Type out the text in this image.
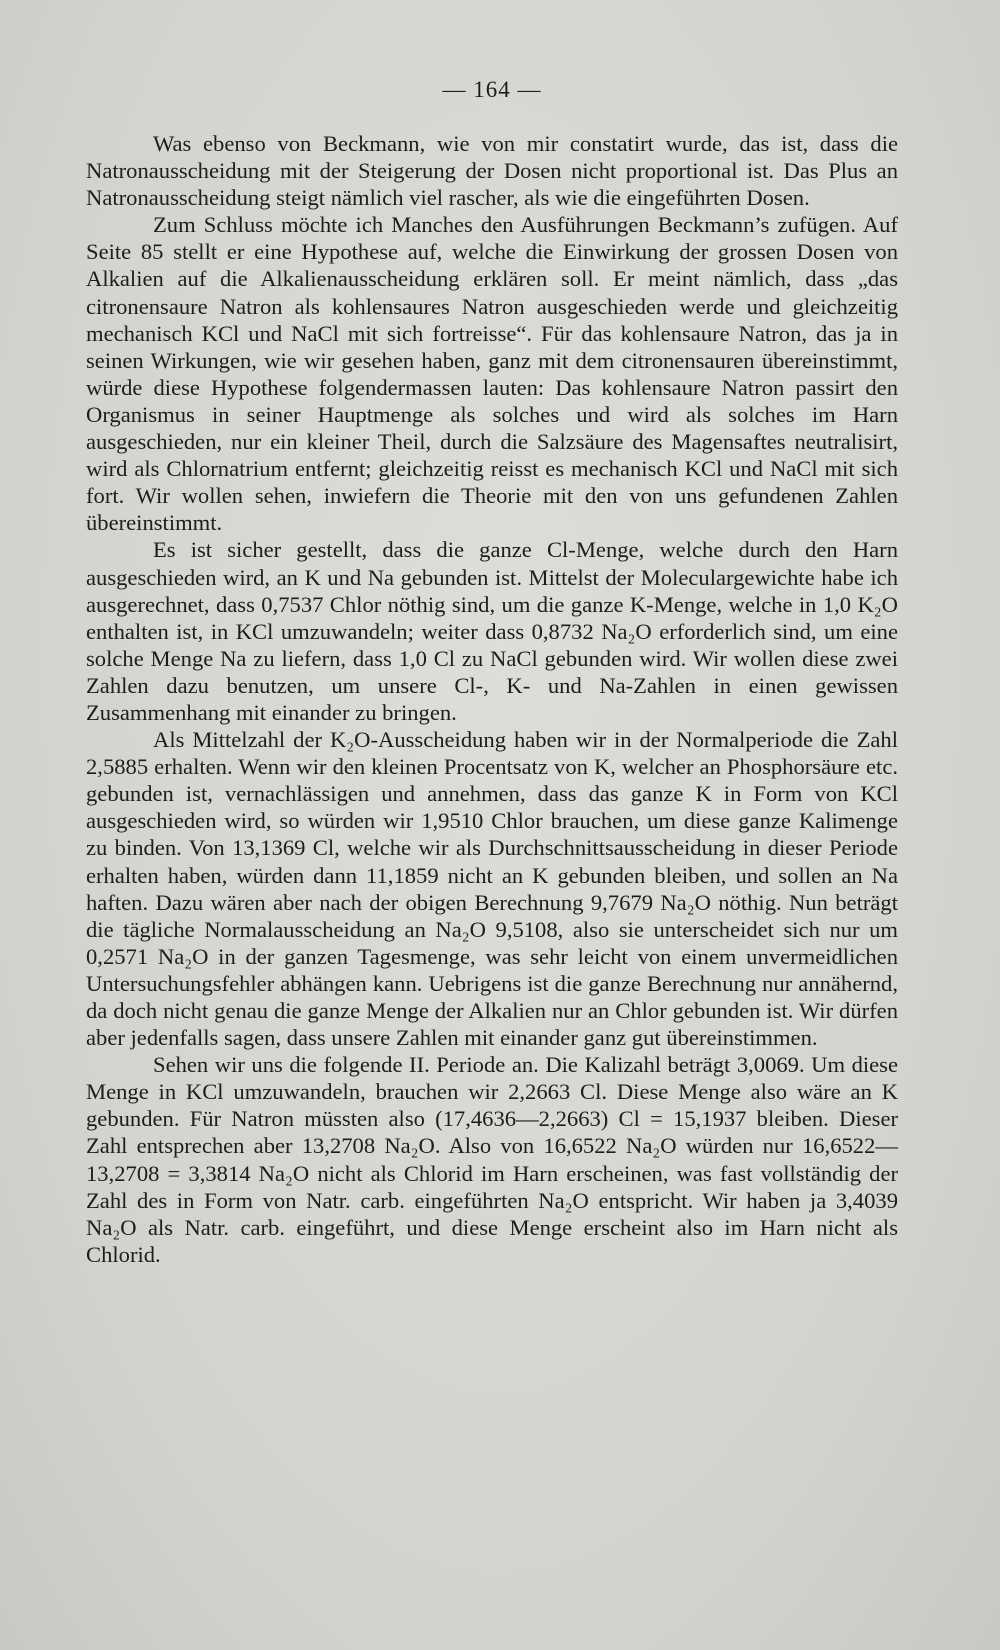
— 164 —

Was ebenso von Beckmann, wie von mir constatirt wurde, das ist, dass die Natronausscheidung mit der Steigerung der Dosen nicht proportional ist. Das Plus an Natronausscheidung steigt nämlich viel rascher, als wie die eingeführten Dosen.

Zum Schluss möchte ich Manches den Ausführungen Beckmann’s zufügen. Auf Seite 85 stellt er eine Hypothese auf, welche die Einwirkung der grossen Dosen von Alkalien auf die Alkalienausscheidung erklären soll. Er meint nämlich, dass „das citronensaure Natron als kohlensaures Natron ausgeschieden werde und gleichzeitig mechanisch KCl und NaCl mit sich fortreisse“. Für das kohlensaure Natron, das ja in seinen Wirkungen, wie wir gesehen haben, ganz mit dem citronensauren übereinstimmt, würde diese Hypothese folgendermassen lauten: Das kohlensaure Natron passirt den Organismus in seiner Hauptmenge als solches und wird als solches im Harn ausgeschieden, nur ein kleiner Theil, durch die Salzsäure des Magensaftes neutralisirt, wird als Chlornatrium entfernt; gleichzeitig reisst es mechanisch KCl und NaCl mit sich fort. Wir wollen sehen, inwiefern die Theorie mit den von uns gefundenen Zahlen übereinstimmt.

Es ist sicher gestellt, dass die ganze Cl-Menge, welche durch den Harn ausgeschieden wird, an K und Na gebunden ist. Mittelst der Moleculargewichte habe ich ausgerechnet, dass 0,7537 Chlor nöthig sind, um die ganze K-Menge, welche in 1,0 K₂O enthalten ist, in KCl umzuwandeln; weiter dass 0,8732 Na₂O erforderlich sind, um eine solche Menge Na zu liefern, dass 1,0 Cl zu NaCl gebunden wird. Wir wollen diese zwei Zahlen dazu benutzen, um unsere Cl-, K- und Na-Zahlen in einen gewissen Zusammenhang mit einander zu bringen.

Als Mittelzahl der K₂O-Ausscheidung haben wir in der Normalperiode die Zahl 2,5885 erhalten. Wenn wir den kleinen Procentsatz von K, welcher an Phosphorsäure etc. gebunden ist, vernachlässigen und annehmen, dass das ganze K in Form von KCl ausgeschieden wird, so würden wir 1,9510 Chlor brauchen, um diese ganze Kalimenge zu binden. Von 13,1369 Cl, welche wir als Durchschnittsausscheidung in dieser Periode erhalten haben, würden dann 11,1859 nicht an K gebunden bleiben, und sollen an Na haften. Dazu wären aber nach der obigen Berechnung 9,7679 Na₂O nöthig. Nun beträgt die tägliche Normalausscheidung an Na₂O 9,5108, also sie unterscheidet sich nur um 0,2571 Na₂O in der ganzen Tagesmenge, was sehr leicht von einem unvermeidlichen Untersuchungsfehler abhängen kann. Uebrigens ist die ganze Berechnung nur annähernd, da doch nicht genau die ganze Menge der Alkalien nur an Chlor gebunden ist. Wir dürfen aber jedenfalls sagen, dass unsere Zahlen mit einander ganz gut übereinstimmen.

Sehen wir uns die folgende II. Periode an. Die Kalizahl beträgt 3,0069. Um diese Menge in KCl umzuwandeln, brauchen wir 2,2663 Cl. Diese Menge also wäre an K gebunden. Für Natron müssten also (17,4636—2,2663) Cl = 15,1937 bleiben. Dieser Zahl entsprechen aber 13,2708 Na₂O. Also von 16,6522 Na₂O würden nur 16,6522—13,2708 = 3,3814 Na₂O nicht als Chlorid im Harn erscheinen, was fast vollständig der Zahl des in Form von Natr. carb. eingeführten Na₂O entspricht. Wir haben ja 3,4039 Na₂O als Natr. carb. eingeführt, und diese Menge erscheint also im Harn nicht als Chlorid.
